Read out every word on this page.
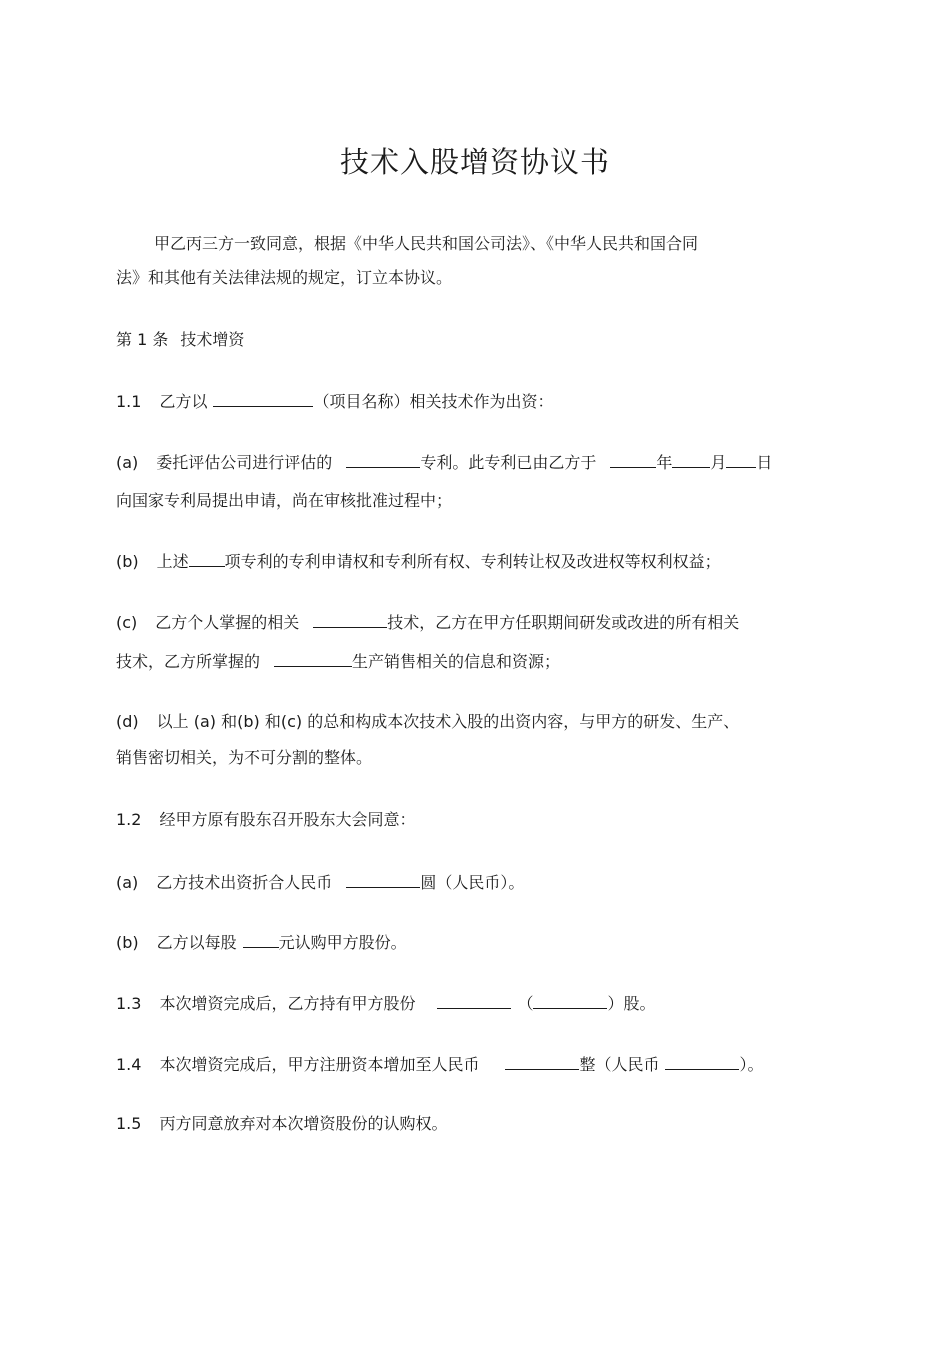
技术入股增资协议书
甲乙丙三方一致同意，根据《中华人民共和国公司法》、《中华人民共和国合同
法》和其他有关法律法规的规定，订立本协议。
第 1 条 技术增资
1.1 乙方以	（项目名称）相关技术作为出资：
(a) 委托评估公司进行评估的	专利。此专利已由乙方于	年 月 日
向国家专利局提出申请，尚在审核批准过程中；
(b) 上述 项专利的专利申请权和专利所有权、专利转让权及改进权等权利权益；
(c) 乙方个人掌握的相关	技术，乙方在甲方任职期间研发或改进的所有相关
技术，乙方所掌握的	生产销售相关的信息和资源；
(d) 以上 (a) 和(b) 和(c) 的总和构成本次技术入股的出资内容，与甲方的研发、生产、
销售密切相关，为不可分割的整体。
1.2 经甲方原有股东召开股东大会同意：
(a) 乙方技术出资折合人民币	圆（人民币）。
(b) 乙方以每股	元认购甲方股份。
1.3 本次增资完成后，乙方持有甲方股份	（	）股。
1.4 本次增资完成后，甲方注册资本增加至人民币	整（人民币	）。
1.5 丙方同意放弃对本次增资股份的认购权。
